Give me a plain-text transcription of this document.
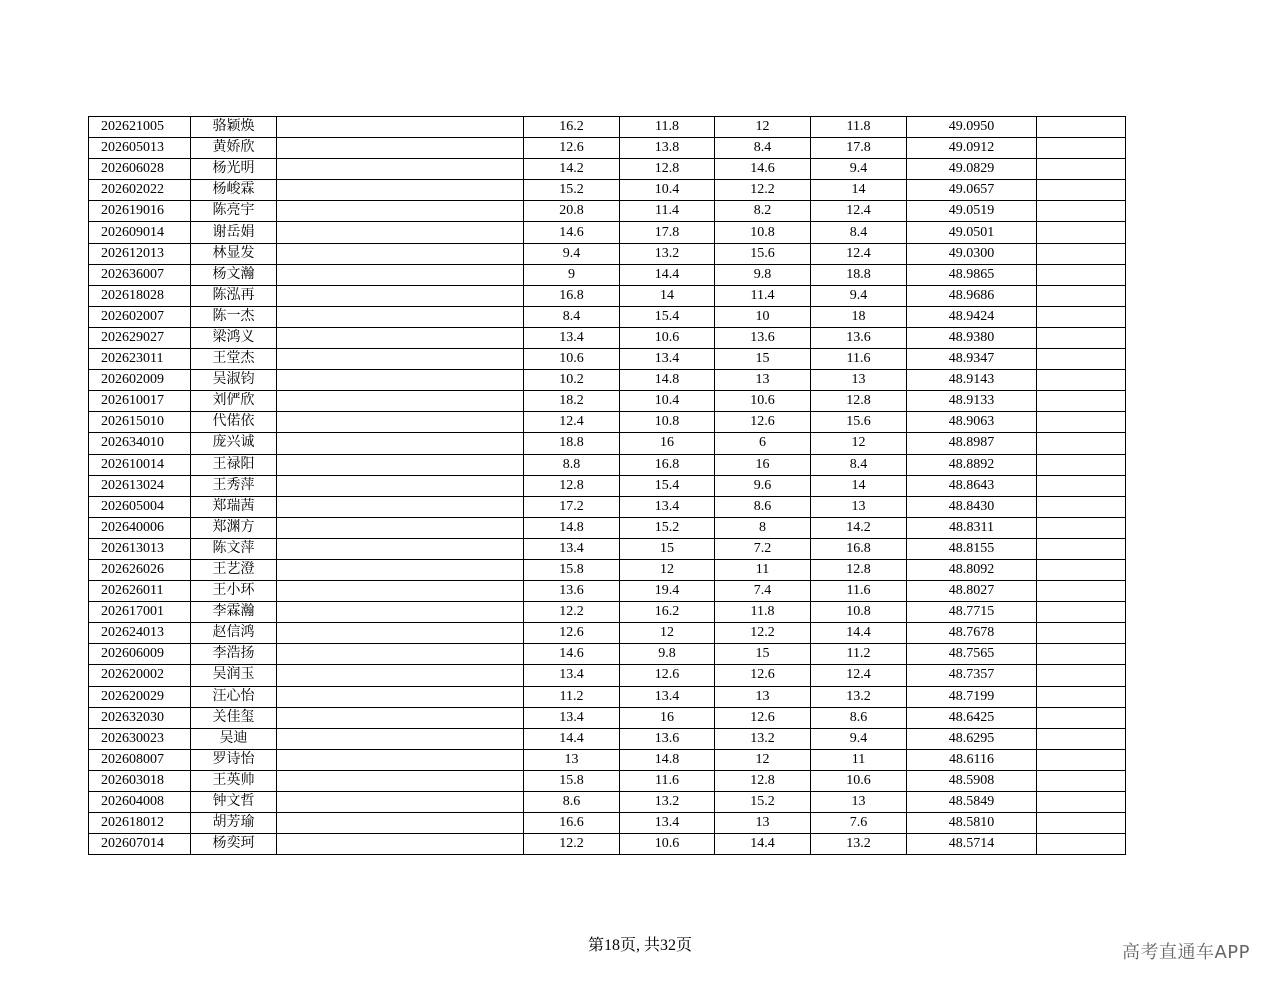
202621005	骆颖焕		16.2	11.8	12	11.8	49.0950	
202605013	黄娇欣		12.6	13.8	8.4	17.8	49.0912	
202606028	杨光明		14.2	12.8	14.6	9.4	49.0829	
202602022	杨峻霖		15.2	10.4	12.2	14	49.0657	
202619016	陈亮宇		20.8	11.4	8.2	12.4	49.0519	
202609014	谢岳娟		14.6	17.8	10.8	8.4	49.0501	
202612013	林显发		9.4	13.2	15.6	12.4	49.0300	
202636007	杨文瀚		9	14.4	9.8	18.8	48.9865	
202618028	陈泓再		16.8	14	11.4	9.4	48.9686	
202602007	陈一杰		8.4	15.4	10	18	48.9424	
202629027	梁鸿义		13.4	10.6	13.6	13.6	48.9380	
202623011	王堂杰		10.6	13.4	15	11.6	48.9347	
202602009	吴淑钧		10.2	14.8	13	13	48.9143	
202610017	刘俨欣		18.2	10.4	10.6	12.8	48.9133	
202615010	代偌依		12.4	10.8	12.6	15.6	48.9063	
202634010	庞兴诚		18.8	16	6	12	48.8987	
202610014	王禄阳		8.8	16.8	16	8.4	48.8892	
202613024	王秀萍		12.8	15.4	9.6	14	48.8643	
202605004	郑瑞茜		17.2	13.4	8.6	13	48.8430	
202640006	郑渊方		14.8	15.2	8	14.2	48.8311	
202613013	陈文萍		13.4	15	7.2	16.8	48.8155	
202626026	王艺澄		15.8	12	11	12.8	48.8092	
202626011	王小环		13.6	19.4	7.4	11.6	48.8027	
202617001	李霖瀚		12.2	16.2	11.8	10.8	48.7715	
202624013	赵信鸿		12.6	12	12.2	14.4	48.7678	
202606009	李浩扬		14.6	9.8	15	11.2	48.7565	
202620002	吴润玉		13.4	12.6	12.6	12.4	48.7357	
202620029	汪心怡		11.2	13.4	13	13.2	48.7199	
202632030	关佳玺		13.4	16	12.6	8.6	48.6425	
202630023	吴迪		14.4	13.6	13.2	9.4	48.6295	
202608007	罗诗怡		13	14.8	12	11	48.6116	
202603018	王英帅		15.8	11.6	12.8	10.6	48.5908	
202604008	钟文哲		8.6	13.2	15.2	13	48.5849	
202618012	胡芳瑜		16.6	13.4	13	7.6	48.5810	
202607014	杨奕珂		12.2	10.6	14.4	13.2	48.5714	
第18页, 共32页	高考直通车APP
